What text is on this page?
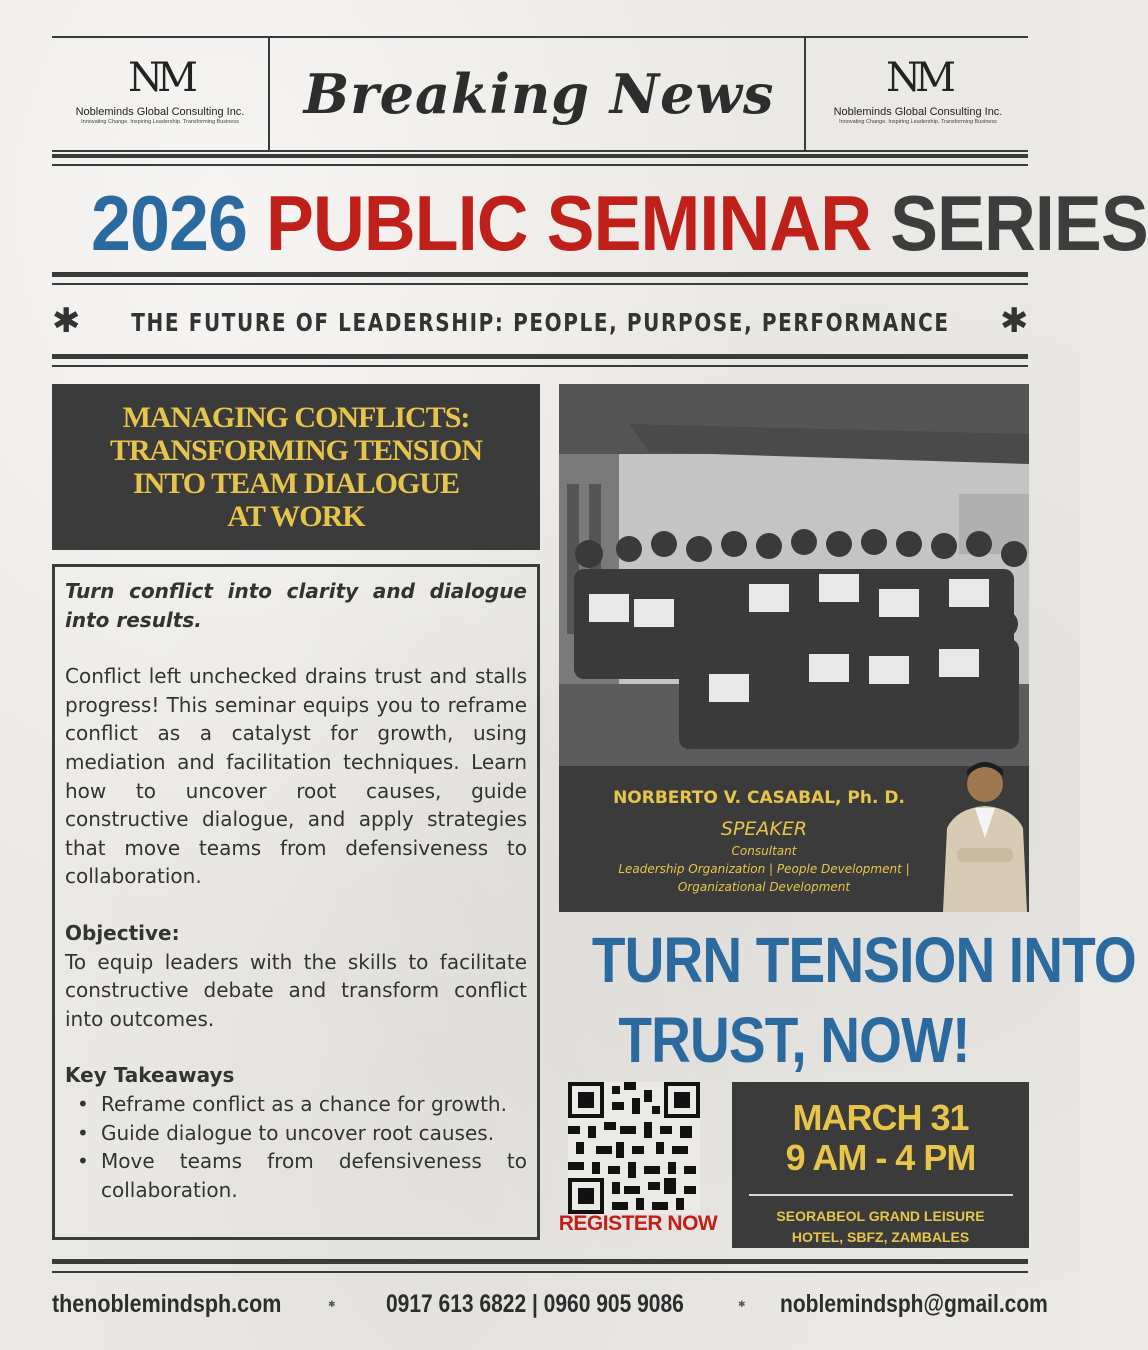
NM
Nobleminds Global Consulting Inc.
Innovating Change. Inspiring Leadership. Transforming Business	Breaking News	NM
Nobleminds Global Consulting Inc.
Innovating Change. Inspiring Leadership. Transforming Business
2026 PUBLIC SEMINAR SERIES
✱ THE FUTURE OF LEADERSHIP: PEOPLE, PURPOSE, PERFORMANCE ✱
MANAGING CONFLICTS:
TRANSFORMING TENSION
INTO TEAM DIALOGUE
AT WORK
Turn conflict into clarity and dialogue into results.
Conflict left unchecked drains trust and stalls progress! This seminar equips you to reframe conflict as a catalyst for growth, using mediation and facilitation techniques. Learn how to uncover root causes, guide constructive dialogue, and apply strategies that move teams from defensiveness to collaboration.
Objective:
To equip leaders with the skills to facilitate constructive debate and transform conflict into outcomes.
Key Takeaways
• Reframe conflict as a chance for growth.
• Guide dialogue to uncover root causes.
• Move teams from defensiveness to collaboration.
NORBERTO V. CASABAL, Ph. D.
SPEAKER
Consultant
Leadership Organization | People Development |
Organizational Development
TURN TENSION INTO
TRUST, NOW!
REGISTER NOW
MARCH 31
9 AM - 4 PM
SEORABEOL GRAND LEISURE
HOTEL, SBFZ, ZAMBALES
thenoblemindsph.com	✱ 0917 613 6822 | 0960 905 9086	✱ noblemindsph@gmail.com
